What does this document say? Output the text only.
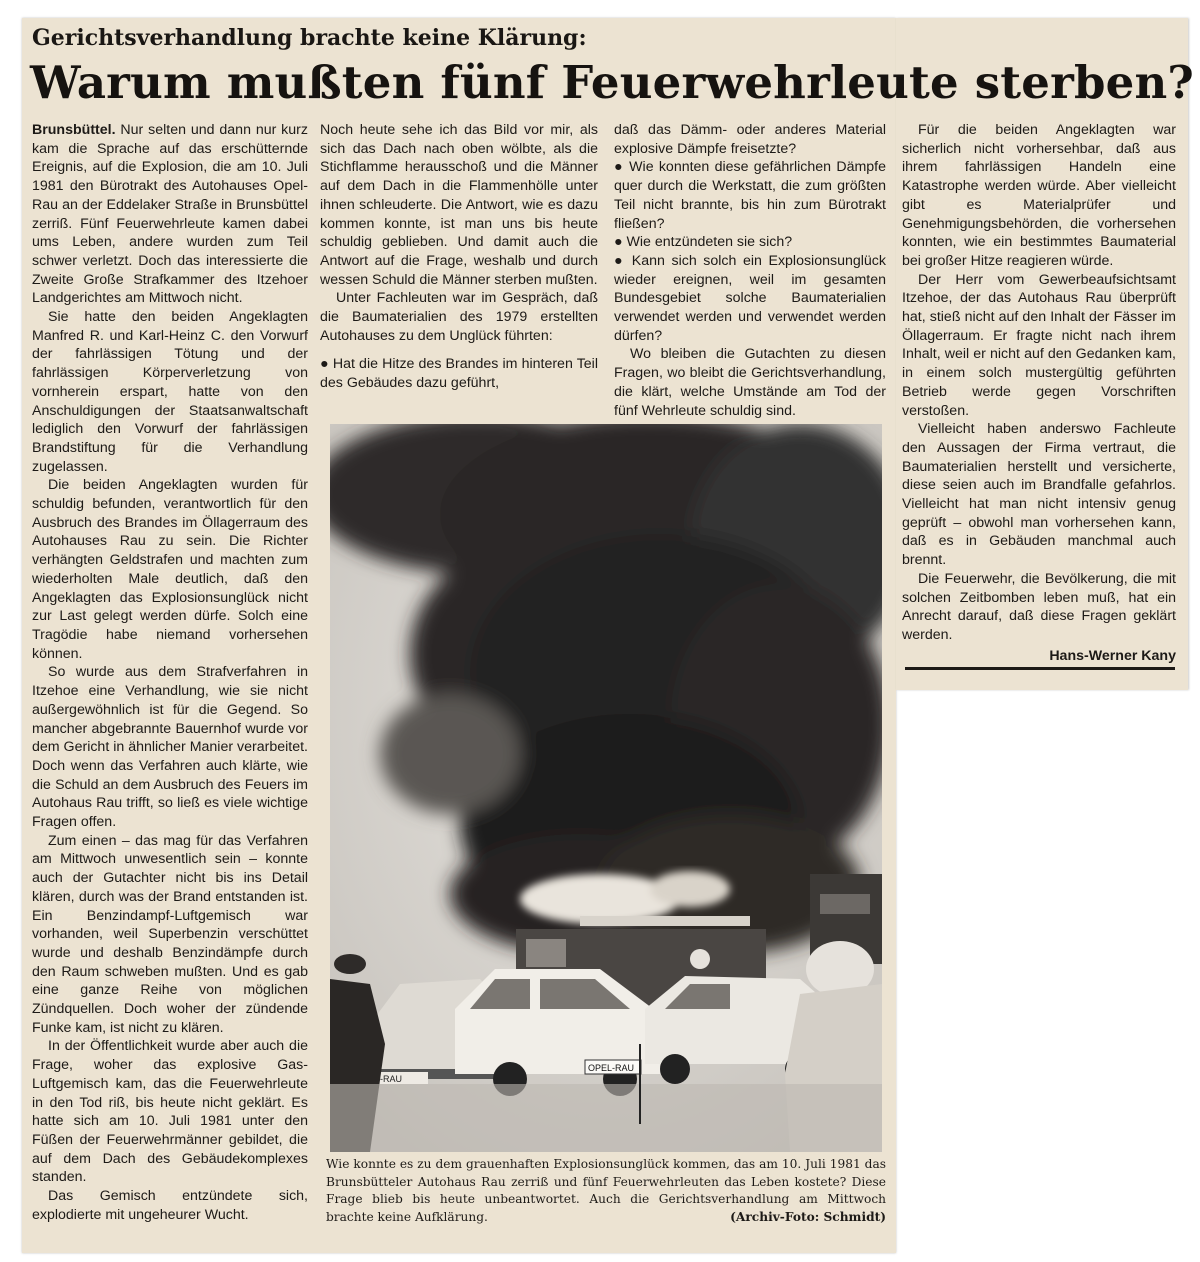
Gerichtsverhandlung brachte keine Klärung:
Warum mußten fünf Feuerwehrleute sterben?

Brunsbüttel. Nur selten und dann nur kurz kam die Sprache auf das erschütternde Ereignis, auf die Explosion, die am 10. Juli 1981 den Bürotrakt des Autohauses Opel-Rau an der Eddelaker Straße in Brunsbüttel zerriß. Fünf Feuerwehrleute kamen dabei ums Leben, andere wurden zum Teil schwer verletzt. Doch das interessierte die Zweite Große Strafkammer des Itzehoer Landgerichtes am Mittwoch nicht.

Sie hatte den beiden Angeklagten Manfred R. und Karl-Heinz C. den Vorwurf der fahrlässigen Tötung und der fahrlässigen Körperverletzung von vornherein erspart, hatte von den Anschuldigungen der Staatsanwaltschaft lediglich den Vorwurf der fahrlässigen Brandstiftung für die Verhandlung zugelassen.

Die beiden Angeklagten wurden für schuldig befunden, verantwortlich für den Ausbruch des Brandes im Öllagerraum des Autohauses Rau zu sein. Die Richter verhängten Geldstrafen und machten zum wiederholten Male deutlich, daß den Angeklagten das Explosionsunglück nicht zur Last gelegt werden dürfe. Solch eine Tragödie habe niemand vorhersehen können.

So wurde aus dem Strafverfahren in Itzehoe eine Verhandlung, wie sie nicht außergewöhnlich ist für die Gegend. So mancher abgebrannte Bauernhof wurde vor dem Gericht in ähnlicher Manier verarbeitet. Doch wenn das Verfahren auch klärte, wie die Schuld an dem Ausbruch des Feuers im Autohaus Rau trifft, so ließ es viele wichtige Fragen offen.

Zum einen – das mag für das Verfahren am Mittwoch unwesentlich sein – konnte auch der Gutachter nicht bis ins Detail klären, durch was der Brand entstanden ist. Ein Benzindampf-Luftgemisch war vorhanden, weil Superbenzin verschüttet wurde und deshalb Benzindämpfe durch den Raum schweben mußten. Und es gab eine ganze Reihe von möglichen Zündquellen. Doch woher der zündende Funke kam, ist nicht zu klären.

In der Öffentlichkeit wurde aber auch die Frage, woher das explosive Gas-Luftgemisch kam, das die Feuerwehrleute in den Tod riß, bis heute nicht geklärt. Es hatte sich am 10. Juli 1981 unter den Füßen der Feuerwehrmänner gebildet, die auf dem Dach des Gebäudekomplexes standen.

Das Gemisch entzündete sich, explodierte mit ungeheurer Wucht.

Noch heute sehe ich das Bild vor mir, als sich das Dach nach oben wölbte, als die Stichflamme herausschoß und die Männer auf dem Dach in die Flammenhölle unter ihnen schleuderte. Die Antwort, wie es dazu kommen konnte, ist man uns bis heute schuldig geblieben. Und damit auch die Antwort auf die Frage, weshalb und durch wessen Schuld die Männer sterben mußten.

Unter Fachleuten war im Gespräch, daß die Baumaterialien des 1979 erstellten Autohauses zu dem Unglück führten:

● Hat die Hitze des Brandes im hinteren Teil des Gebäudes dazu geführt,

daß das Dämm- oder anderes Material explosive Dämpfe freisetzte?

● Wie konnten diese gefährlichen Dämpfe quer durch die Werkstatt, die zum größten Teil nicht brannte, bis hin zum Bürotrakt fließen?

● Wie entzündeten sie sich?

● Kann sich solch ein Explosionsunglück wieder ereignen, weil im gesamten Bundesgebiet solche Baumaterialien verwendet werden und verwendet werden dürfen?

Wo bleiben die Gutachten zu diesen Fragen, wo bleibt die Gerichtsverhandlung, die klärt, welche Umstände am Tod der fünf Wehrleute schuldig sind.

Für die beiden Angeklagten war sicherlich nicht vorhersehbar, daß aus ihrem fahrlässigen Handeln eine Katastrophe werden würde. Aber vielleicht gibt es Materialprüfer und Genehmigungsbehörden, die vorhersehen konnten, wie ein bestimmtes Baumaterial bei großer Hitze reagieren würde.

Der Herr vom Gewerbeaufsichtsamt Itzehoe, der das Autohaus Rau überprüft hat, stieß nicht auf den Inhalt der Fässer im Öllagerraum. Er fragte nicht nach ihrem Inhalt, weil er nicht auf den Gedanken kam, in einem solch mustergültig geführten Betrieb werde gegen Vorschriften verstoßen.

Vielleicht haben anderswo Fachleute den Aussagen der Firma vertraut, die Baumaterialien herstellt und versicherte, diese seien auch im Brandfalle gefahrlos. Vielleicht hat man nicht intensiv genug geprüft – obwohl man vorhersehen kann, daß es in Gebäuden manchmal auch brennt.

Die Feuerwehr, die Bevölkerung, die mit solchen Zeitbomben leben muß, hat ein Anrecht darauf, daß diese Fragen geklärt werden.

Hans-Werner Kany

-RAU
OPEL-RAU
Wie konnte es zu dem grauenhaften Explosionsunglück kommen, das am 10. Juli 1981 das Brunsbütteler Autohaus Rau zerriß und fünf Feuerwehrleuten das Leben kostete? Diese Frage blieb bis heute unbeantwortet. Auch die Gerichtsverhandlung am Mittwoch brachte keine Aufklärung.	(Archiv-Foto: Schmidt)
